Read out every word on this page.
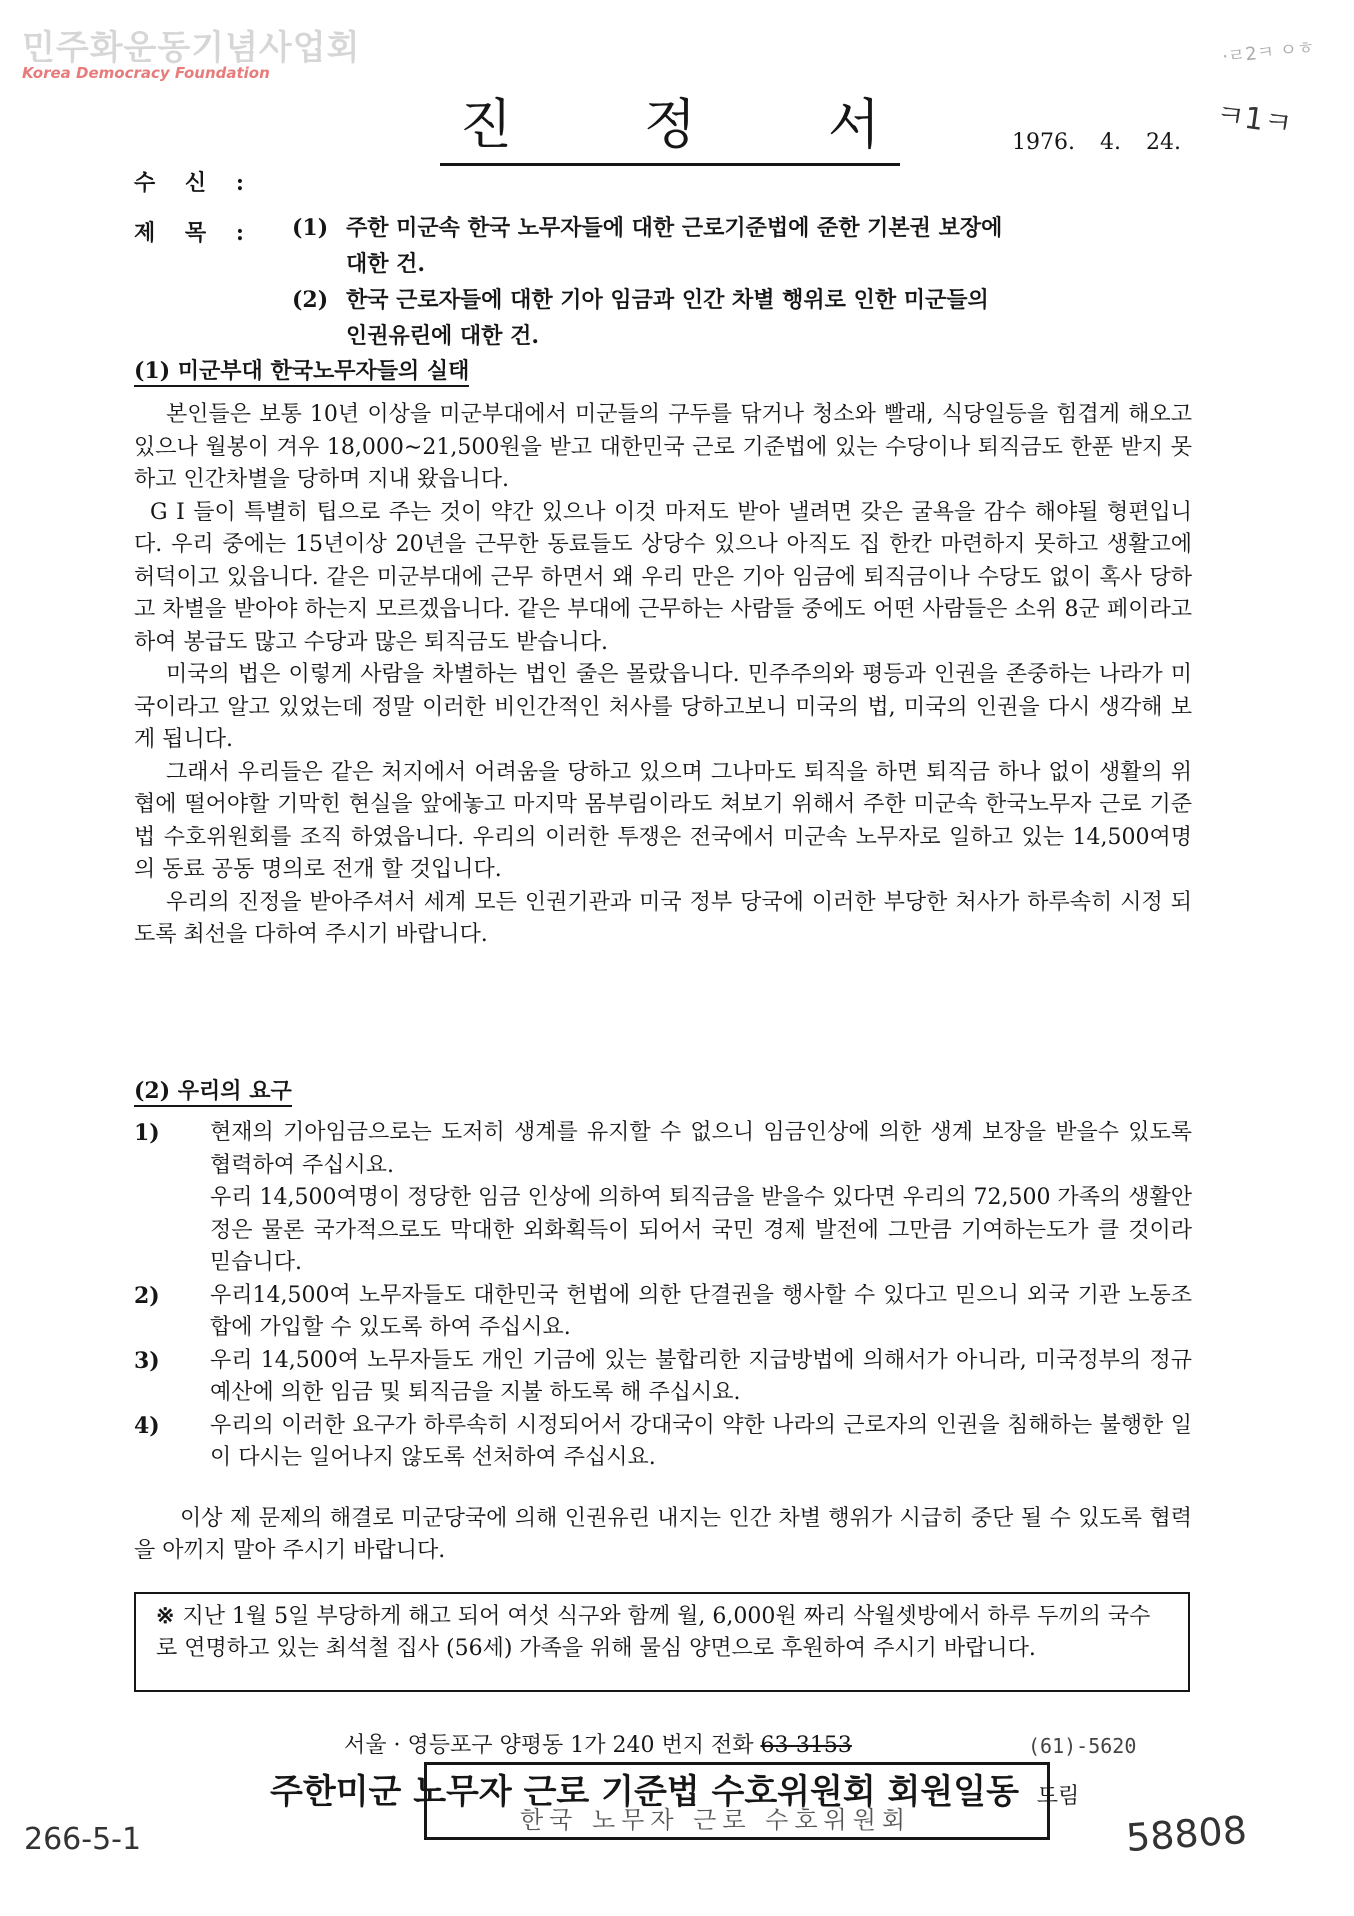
민주화운동기념사업회
Korea Democracy Foundation
·ㄹ2ㅋ ㅇㅎ
ㅋ1ㅋ
진 정 서	1976. 4. 24.
수 신 :
제 목 : (1) 주한 미군속 한국 노무자들에 대한 근로기준법에 준한 기본권 보장에
대한 건.
(2) 한국 근로자들에 대한 기아 임금과 인간 차별 행위로 인한 미군들의
인권유린에 대한 건.
(1) 미군부대 한국노무자들의 실태

본인들은 보통 10년 이상을 미군부대에서 미군들의 구두를 닦거나 청소와 빨래, 식당일등을 힘겹게 해오고 있으나 월봉이 겨우 18,000∼21,500원을 받고 대한민국 근로 기준법에 있는 수당이나 퇴직금도 한푼 받지 못 하고 인간차별을 당하며 지내 왔읍니다.

G I 들이 특별히 팁으로 주는 것이 약간 있으나 이것 마저도 받아 낼려면 갖은 굴욕을 감수 해야될 형편입니다. 우리 중에는 15년이상 20년을 근무한 동료들도 상당수 있으나 아직도 집 한칸 마련하지 못하고 생활고에 허덕이고 있읍니다. 같은 미군부대에 근무 하면서 왜 우리 만은 기아 임금에 퇴직금이나 수당도 없이 혹사 당하고 차별을 받아야 하는지 모르겠읍니다. 같은 부대에 근무하는 사람들 중에도 어떤 사람들은 소위 8군 페이라고 하여 봉급도 많고 수당과 많은 퇴직금도 받습니다.

미국의 법은 이렇게 사람을 차별하는 법인 줄은 몰랐읍니다. 민주주의와 평등과 인권을 존중하는 나라가 미국이라고 알고 있었는데 정말 이러한 비인간적인 처사를 당하고보니 미국의 법, 미국의 인권을 다시 생각해 보게 됩니다.

그래서 우리들은 같은 처지에서 어려움을 당하고 있으며 그나마도 퇴직을 하면 퇴직금 하나 없이 생활의 위협에 떨어야할 기막힌 현실을 앞에놓고 마지막 몸부림이라도 쳐보기 위해서 주한 미군속 한국노무자 근로 기준법 수호위원회를 조직 하였읍니다. 우리의 이러한 투쟁은 전국에서 미군속 노무자로 일하고 있는 14,500여명의 동료 공동 명의로 전개 할 것입니다.

우리의 진정을 받아주셔서 세계 모든 인권기관과 미국 정부 당국에 이러한 부당한 처사가 하루속히 시정 되도록 최선을 다하여 주시기 바랍니다.

(2) 우리의 요구
1)	현재의 기아임금으로는 도저히 생계를 유지할 수 없으니 임금인상에 의한 생계 보장을 받을수 있도록 협력하여 주십시요.
우리 14,500여명이 정당한 임금 인상에 의하여 퇴직금을 받을수 있다면 우리의 72,500 가족의 생활안정은 물론 국가적으로도 막대한 외화획득이 되어서 국민 경제 발전에 그만큼 기여하는도가 클 것이라 믿습니다.
2)	우리14,500여 노무자들도 대한민국 헌법에 의한 단결권을 행사할 수 있다고 믿으니 외국 기관 노동조합에 가입할 수 있도록 하여 주십시요.
3)	우리 14,500여 노무자들도 개인 기금에 있는 불합리한 지급방법에 의해서가 아니라, 미국정부의 정규예산에 의한 임금 및 퇴직금을 지불 하도록 해 주십시요.
4)	우리의 이러한 요구가 하루속히 시정되어서 강대국이 약한 나라의 근로자의 인권을 침해하는 불행한 일이 다시는 일어나지 않도록 선처하여 주십시요.

이상 제 문제의 해결로 미군당국에 의해 인권유린 내지는 인간 차별 행위가 시급히 중단 될 수 있도록 협력을 아끼지 말아 주시기 바랍니다.

※ 지난 1월 5일 부당하게 해고 되어 여섯 식구와 함께 월, 6,000원 짜리 삭월셋방에서 하루 두끼의 국수로 연명하고 있는 최석철 집사 (56세) 가족을 위해 물심 양면으로 후원하여 주시기 바랍니다.
서울 · 영등포구 양평동 1가 240 번지 전화 63-3153	(61)-5620
한국 노무자 근로 수호위원회
주한미군 노무자 근로 기준법 수호위원회 회원일동 드림
266-5-1	58808
